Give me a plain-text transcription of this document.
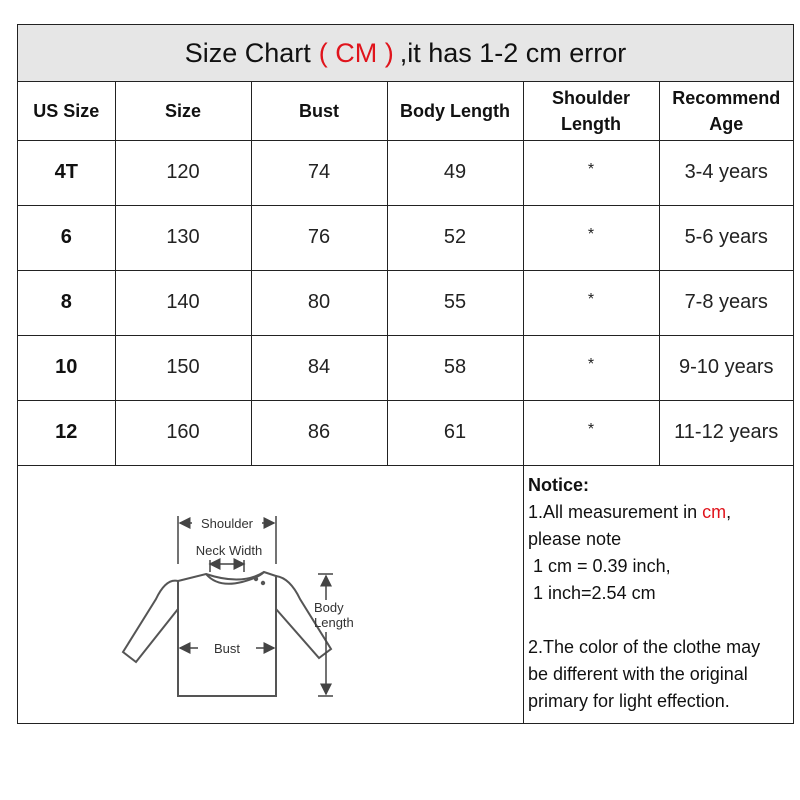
Size Chart ( CM ) ,it has 1-2 cm error
US Size	Size	Bust	Body Length	Shoulder Length	Recommend Age
4T	120	74	49	*	3-4 years
6	130	76	52	*	5-6 years
8	140	80	55	*	7-8 years
10	150	84	58	*	9-10 years
12	160	86	61	*	11-12 years
Shoulder
Neck Width
Bust
Body
Length
Notice:
1.All measurement in cm,
please note
1 cm = 0.39 inch,
1 inch=2.54 cm
2.The color of the clothe may
be different with the original
primary for light effection.
